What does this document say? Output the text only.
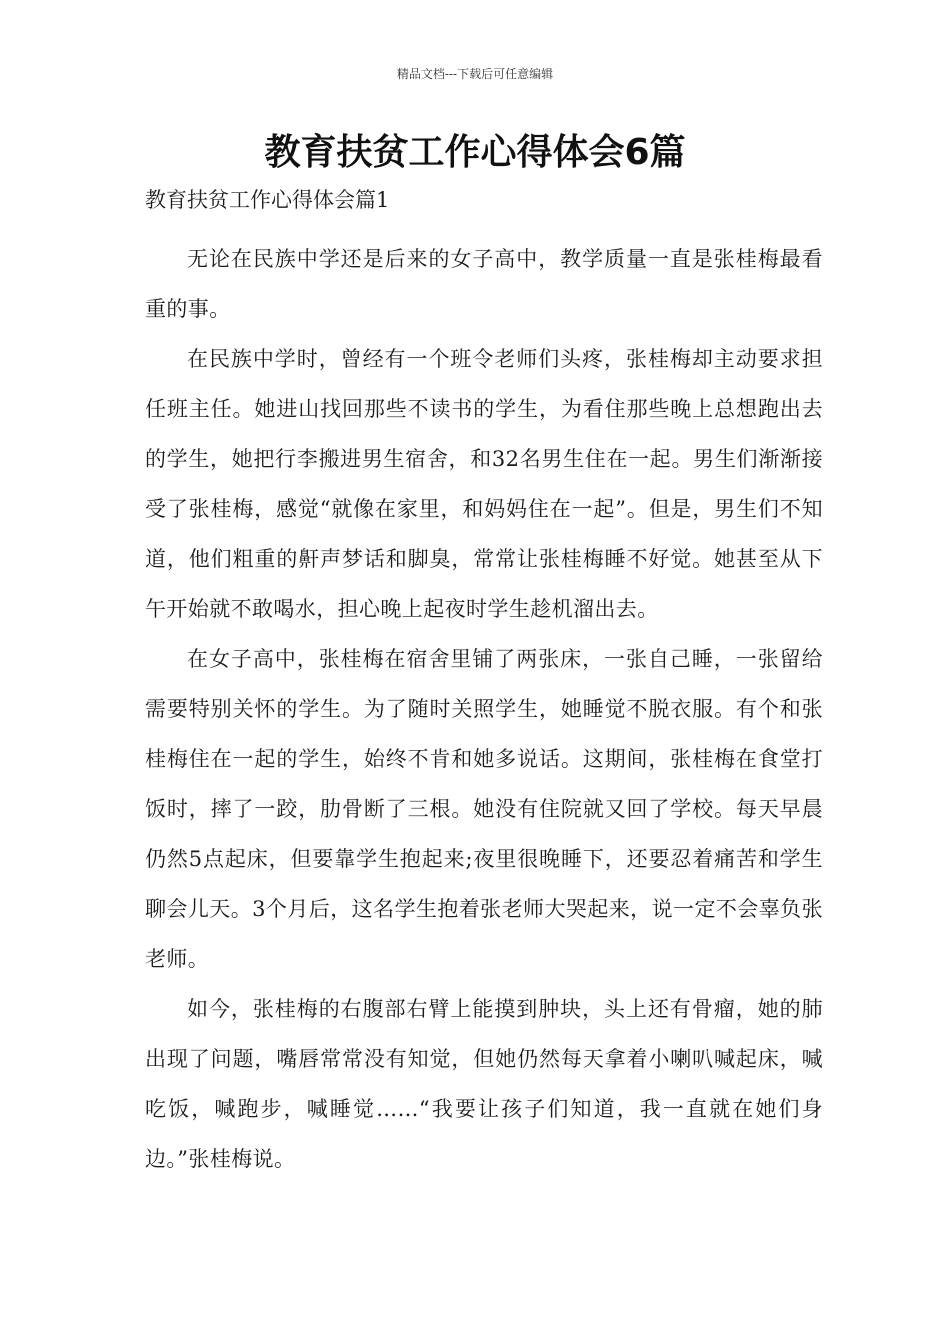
精品文档---下载后可任意编辑
教育扶贫工作心得体会6篇
教育扶贫工作心得体会篇1

无论在民族中学还是后来的女子高中，教学质量一直是张桂梅最看重的事。

在民族中学时，曾经有一个班令老师们头疼，张桂梅却主动要求担任班主任。她进山找回那些不读书的学生，为看住那些晚上总想跑出去的学生，她把行李搬进男生宿舍，和32名男生住在一起。男生们渐渐接受了张桂梅，感觉“就像在家里，和妈妈住在一起”。但是，男生们不知道，他们粗重的鼾声梦话和脚臭，常常让张桂梅睡不好觉。她甚至从下午开始就不敢喝水，担心晚上起夜时学生趁机溜出去。

在女子高中，张桂梅在宿舍里铺了两张床，一张自己睡，一张留给需要特别关怀的学生。为了随时关照学生，她睡觉不脱衣服。有个和张桂梅住在一起的学生，始终不肯和她多说话。这期间，张桂梅在食堂打饭时，摔了一跤，肋骨断了三根。她没有住院就又回了学校。每天早晨仍然5点起床，但要靠学生抱起来;夜里很晚睡下，还要忍着痛苦和学生聊会儿天。3个月后，这名学生抱着张老师大哭起来，说一定不会辜负张老师。

如今，张桂梅的右腹部右臂上能摸到肿块，头上还有骨瘤，她的肺出现了问题，嘴唇常常没有知觉，但她仍然每天拿着小喇叭喊起床，喊吃饭，喊跑步，喊睡觉……“我要让孩子们知道，我一直就在她们身边。”张桂梅说。
